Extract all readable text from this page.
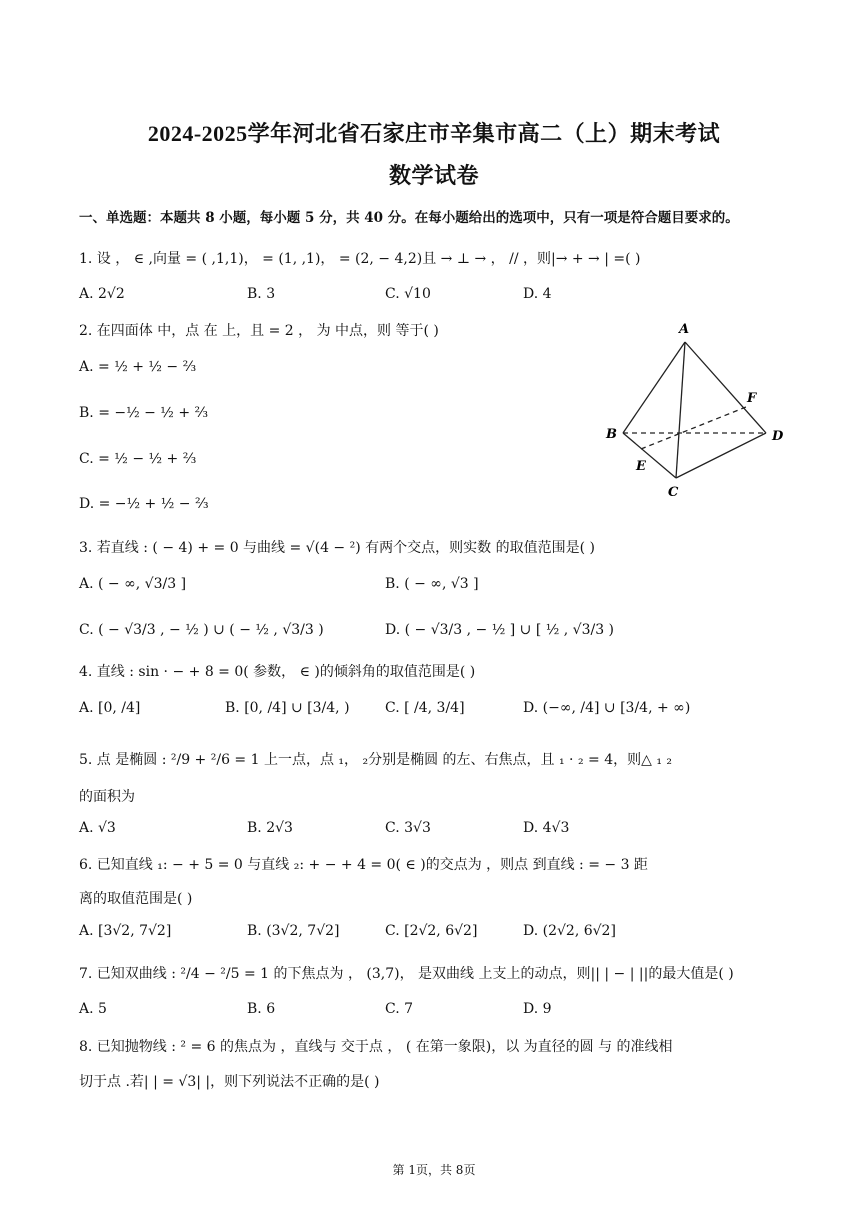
2024-2025学年河北省石家庄市辛集市高二（上）期末考试
数学试卷
一、单选题：本题共 8 小题，每小题 5 分，共 40 分。在每小题给出的选项中，只有一项是符合题目要求的。
1. 设 ， ∈ ,向量 = ( ,1,1)， = (1, ,1)， = (2, − 4,2)且 → ⊥ → ， // ，则|→ + → | =( )
A. 2√2	B. 3	C. √10	D. 4
2. 在四面体 中，点 在 上，且 = 2 ， 为 中点，则 等于( )
A. = ½ + ½ − ⅔
B. = −½ − ½ + ⅔
C. = ½ − ½ + ⅔
D. = −½ + ½ − ⅔
A
B
C
D
E
F
3. 若直线 : ( − 4) + = 0 与曲线 = √(4 − ²) 有两个交点，则实数 的取值范围是( )
A. ( − ∞, √3/3 ]	B. ( − ∞, √3 ]
C. ( − √3/3 , − ½ ) ∪ ( − ½ , √3/3 )	D. ( − √3/3 , − ½ ] ∪ [ ½ , √3/3 )
4. 直线 : sin · − + 8 = 0( 参数， ∈ )的倾斜角的取值范围是( )
A. [0, /4]	B. [0, /4] ∪ [3/4, )	C. [ /4, 3/4]	D. (−∞, /4] ∪ [3/4, + ∞)
5. 点 是椭圆 : ²/9 + ²/6 = 1 上一点，点 ₁， ₂分别是椭圆 的左、右焦点，且 ₁ · ₂ = 4，则△ ₁ ₂
的面积为
A. √3	B. 2√3	C. 3√3	D. 4√3
6. 已知直线 ₁: − + 5 = 0 与直线 ₂: + − + 4 = 0( ∈ )的交点为 ，则点 到直线 : = − 3 距
离的取值范围是( )
A. [3√2, 7√2]	B. (3√2, 7√2]	C. [2√2, 6√2]	D. (2√2, 6√2]
7. 已知双曲线 : ²/4 − ²/5 = 1 的下焦点为 ， (3,7)， 是双曲线 上支上的动点，则|| | − | ||的最大值是( )
A. 5	B. 6	C. 7	D. 9
8. 已知抛物线 : ² = 6 的焦点为 ，直线与 交于点 ， ( 在第一象限)，以 为直径的圆 与 的准线相
切于点 .若| | = √3| |，则下列说法不正确的是( )
第 1页，共 8页
